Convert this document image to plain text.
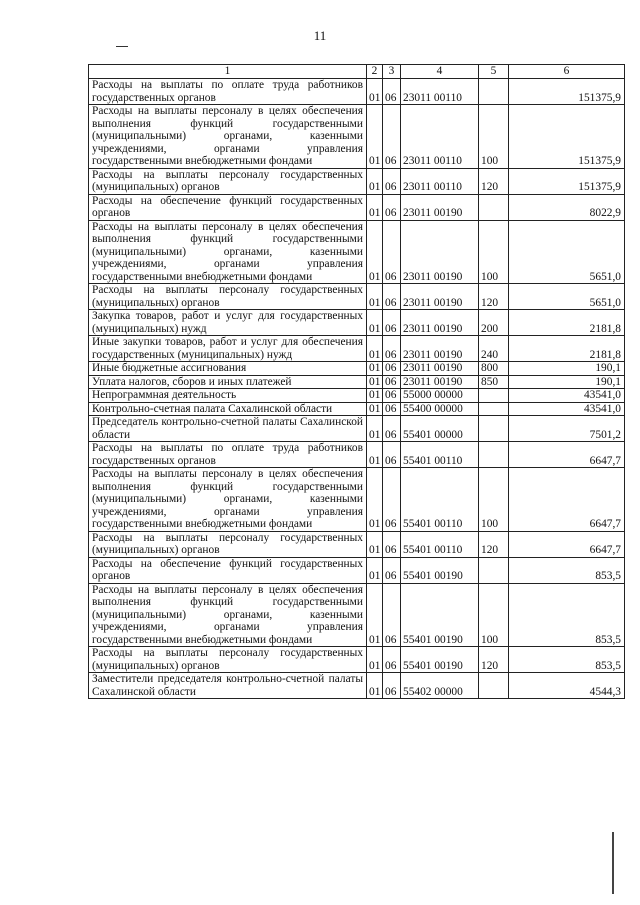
11
1	2	3	4	5	6
Расходы на выплаты по оплате труда работников государственных органов	01	06	23011 00110		151375,9
Расходы на выплаты персоналу в целях обеспечения выполнения функций государственными (муниципальными) органами, казенными учреждениями, органами управления государственными внебюджетными фондами	01	06	23011 00110	100	151375,9
Расходы на выплаты персоналу государственных (муниципальных) органов	01	06	23011 00110	120	151375,9
Расходы на обеспечение функций государственных органов	01	06	23011 00190		8022,9
Расходы на выплаты персоналу в целях обеспечения выполнения функций государственными (муниципальными) органами, казенными учреждениями, органами управления государственными внебюджетными фондами	01	06	23011 00190	100	5651,0
Расходы на выплаты персоналу государственных (муниципальных) органов	01	06	23011 00190	120	5651,0
Закупка товаров, работ и услуг для государственных (муниципальных) нужд	01	06	23011 00190	200	2181,8
Иные закупки товаров, работ и услуг для обеспечения государственных (муниципальных) нужд	01	06	23011 00190	240	2181,8
Иные бюджетные ассигнования	01	06	23011 00190	800	190,1
Уплата налогов, сборов и иных платежей	01	06	23011 00190	850	190,1
Непрограммная деятельность	01	06	55000 00000		43541,0
Контрольно-счетная палата Сахалинской области	01	06	55400 00000		43541,0
Председатель контрольно-счетной палаты Сахалинской области	01	06	55401 00000		7501,2
Расходы на выплаты по оплате труда работников государственных органов	01	06	55401 00110		6647,7
Расходы на выплаты персоналу в целях обеспечения выполнения функций государственными (муниципальными) органами, казенными учреждениями, органами управления государственными внебюджетными фондами	01	06	55401 00110	100	6647,7
Расходы на выплаты персоналу государственных (муниципальных) органов	01	06	55401 00110	120	6647,7
Расходы на обеспечение функций государственных органов	01	06	55401 00190		853,5
Расходы на выплаты персоналу в целях обеспечения выполнения функций государственными (муниципальными) органами, казенными учреждениями, органами управления государственными внебюджетными фондами	01	06	55401 00190	100	853,5
Расходы на выплаты персоналу государственных (муниципальных) органов	01	06	55401 00190	120	853,5
Заместители председателя контрольно-счетной палаты Сахалинской области	01	06	55402 00000		4544,3
